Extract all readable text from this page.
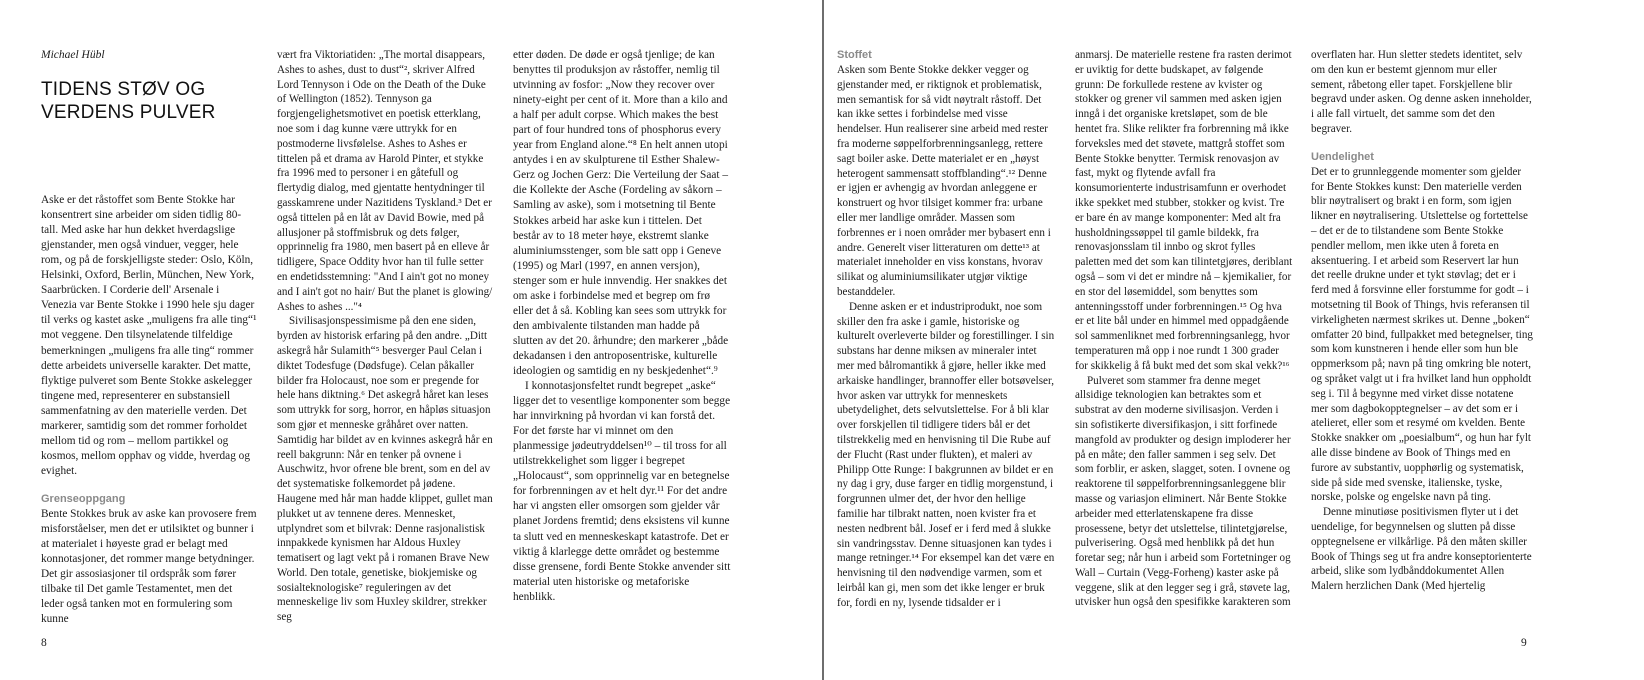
Michael Hübl

TIDENS STØV OG

VERDENS PULVER

Aske er det råstoffet som Bente Stokke har konsentrert sine arbeider om siden tidlig 80-tall. Med aske har hun dekket hverdagslige gjenstander, men også vinduer, vegger, hele rom, og på de forskjelligste steder: Oslo, Köln, Helsinki, Oxford, Berlin, München, New York, Saarbrücken. I Corderie dell' Arsenale i Venezia var Bente Stokke i 1990 hele sju dager til verks og kastet aske „muligens fra alle ting“¹ mot veggene. Den tilsynelatende tilfeldige bemerkningen „muligens fra alle ting“ rommer dette arbeidets universelle karakter. Det matte, flyktige pulveret som Bente Stokke askelegger tingene med, representerer en substansiell sammenfatning av den materielle verden. Det markerer, samtidig som det rommer forholdet mellom tid og rom – mellom partikkel og kosmos, mellom opphav og vidde, hverdag og evighet.

Grenseoppgang

Bente Stokkes bruk av aske kan provosere frem misforståelser, men det er utilsiktet og bunner i at materialet i høyeste grad er belagt med konnotasjoner, det rommer mange betydninger. Det gir assosiasjoner til ordspråk som fører tilbake til Det gamle Testamentet, men det leder også tanken mot en formulering som kunne

vært fra Viktoriatiden: „The mortal disappears, Ashes to ashes, dust to dust“², skriver Alfred Lord Tennyson i Ode on the Death of the Duke of Wellington (1852). Tennyson ga forgjengelighetsmotivet en poetisk etterklang, noe som i dag kunne være uttrykk for en postmoderne livsfølelse. Ashes to Ashes er tittelen på et drama av Harold Pinter, et stykke fra 1996 med to personer i en gåtefull og flertydig dialog, med gjentatte hentydninger til gasskamrene under Nazitidens Tyskland.³ Det er også tittelen på en låt av David Bowie, med på allusjoner på stoffmisbruk og dets følger, opprinnelig fra 1980, men basert på en elleve år tidligere, Space Oddity hvor han til fulle setter en endetidsstemning: "And I ain't got no money and I ain't got no hair/ But the planet is glowing/ Ashes to ashes ..."⁴

Sivilisasjonspessimisme på den ene siden, byrden av historisk erfaring på den andre. „Ditt askegrå hår Sulamith“⁵ besverger Paul Celan i diktet Todesfuge (Dødsfuge). Celan påkaller bilder fra Holocaust, noe som er pregende for hele hans diktning.⁶ Det askegrå håret kan leses som uttrykk for sorg, horror, en håpløs situasjon som gjør et menneske gråhåret over natten. Samtidig har bildet av en kvinnes askegrå hår en reell bakgrunn: Når en tenker på ovnene i Auschwitz, hvor ofrene ble brent, som en del av det systematiske folkemordet på jødene. Haugene med hår man hadde klippet, gullet man plukket ut av tennene deres. Mennesket, utplyndret som et bilvrak: Denne rasjonalistisk innpakkede kynismen har Aldous Huxley tematisert og lagt vekt på i romanen Brave New World. Den totale, genetiske, biokjemiske og sosialteknologiske⁷ reguleringen av det menneskelige liv som Huxley skildrer, strekker seg

etter døden. De døde er også tjenlige; de kan benyttes til produksjon av råstoffer, nemlig til utvinning av fosfor: „Now they recover over ninety-eight per cent of it. More than a kilo and a half per adult corpse. Which makes the best part of four hundred tons of phosphorus every year from England alone.“⁸ En helt annen utopi antydes i en av skulpturene til Esther Shalew-Gerz og Jochen Gerz: Die Verteilung der Saat – die Kollekte der Asche (Fordeling av såkorn – Samling av aske), som i motsetning til Bente Stokkes arbeid har aske kun i tittelen. Det består av to 18 meter høye, ekstremt slanke aluminiumsstenger, som ble satt opp i Geneve (1995) og Marl (1997, en annen versjon), stenger som er hule innvendig. Her snakkes det om aske i forbindelse med et begrep om frø eller det å så. Kobling kan sees som uttrykk for den ambivalente tilstanden man hadde på slutten av det 20. århundre; den markerer „både dekadansen i den antroposentriske, kulturelle ideologien og samtidig en ny beskjedenhet“.⁹

I konnotasjonsfeltet rundt begrepet „aske“ ligger det to vesentlige komponenter som begge har innvirkning på hvordan vi kan forstå det. For det første har vi minnet om den planmessige jødeutryddelsen¹⁰ – til tross for all utilstrekkelighet som ligger i begrepet „Holocaust“, som opprinnelig var en betegnelse for forbrenningen av et helt dyr.¹¹ For det andre har vi angsten eller omsorgen som gjelder vår planet Jordens fremtid; dens eksistens vil kunne ta slutt ved en menneskeskapt katastrofe. Det er viktig å klarlegge dette området og bestemme disse grensene, fordi Bente Stokke anvender sitt material uten historiske og metaforiske henblikk.

8

Stoffet

Asken som Bente Stokke dekker vegger og gjenstander med, er riktignok et problematisk, men semantisk for så vidt nøytralt råstoff. Det kan ikke settes i forbindelse med visse hendelser. Hun realiserer sine arbeid med rester fra moderne søppelforbrenningsanlegg, rettere sagt boiler aske. Dette materialet er en „høyst heterogent sammensatt stoffblanding“.¹² Denne er igjen er avhengig av hvordan anleggene er konstruert og hvor tilsiget kommer fra: urbane eller mer landlige områder. Massen som forbrennes er i noen områder mer bybasert enn i andre. Generelt viser litteraturen om dette¹³ at materialet inneholder en viss konstans, hvorav silikat og aluminiumsilikater utgjør viktige bestanddeler.

Denne asken er et industriprodukt, noe som skiller den fra aske i gamle, historiske og kulturelt overleverte bilder og forestillinger. I sin substans har denne miksen av mineraler intet mer med bålromantikk å gjøre, heller ikke med arkaiske handlinger, brannoffer eller botsøvelser, hvor asken var uttrykk for menneskets ubetydelighet, dets selvutslettelse. For å bli klar over forskjellen til tidligere tiders bål er det tilstrekkelig med en henvisning til Die Rube auf der Flucht (Rast under flukten), et maleri av Philipp Otte Runge: I bakgrunnen av bildet er en ny dag i gry, duse farger en tidlig morgenstund, i forgrunnen ulmer det, der hvor den hellige familie har tilbrakt natten, noen kvister fra et nesten nedbrent bål. Josef er i ferd med å slukke sin vandringsstav. Denne situasjonen kan tydes i mange retninger.¹⁴ For eksempel kan det være en henvisning til den nødvendige varmen, som et leirbål kan gi, men som det ikke lenger er bruk for, fordi en ny, lysende tidsalder er i

anmarsj. De materielle restene fra rasten derimot er uviktig for dette budskapet, av følgende grunn: De forkullede restene av kvister og stokker og grener vil sammen med asken igjen inngå i det organiske kretsløpet, som de ble hentet fra. Slike relikter fra forbrenning må ikke forveksles med det støvete, mattgrå stoffet som Bente Stokke benytter. Termisk renovasjon av fast, mykt og flytende avfall fra konsumorienterte industrisamfunn er overhodet ikke spekket med stubber, stokker og kvist. Tre er bare én av mange komponenter: Med alt fra husholdningssøppel til gamle bildekk, fra renovasjonsslam til innbo og skrot fylles paletten med det som kan tilintetgjøres, deriblant også – som vi det er mindre nå – kjemikalier, for en stor del løsemiddel, som benyttes som antenningsstoff under forbrenningen.¹⁵ Og hva er et lite bål under en himmel med oppadgående sol sammenliknet med forbrenningsanlegg, hvor temperaturen må opp i noe rundt 1 300 grader for skikkelig å få bukt med det som skal vekk?¹⁶

Pulveret som stammer fra denne meget allsidige teknologien kan betraktes som et substrat av den moderne sivilisasjon. Verden i sin sofistikerte diversifikasjon, i sitt forfinede mangfold av produkter og design imploderer her på en måte; den faller sammen i seg selv. Det som forblir, er asken, slagget, soten. I ovnene og reaktorene til søppelforbrenningsanleggene blir masse og variasjon eliminert. Når Bente Stokke arbeider med etterlatenskapene fra disse prosessene, betyr det utslettelse, tilintetgjørelse, pulverisering. Også med henblikk på det hun foretar seg; når hun i arbeid som Fortetninger og Wall – Curtain (Vegg-Forheng) kaster aske på veggene, slik at den legger seg i grå, støvete lag, utvisker hun også den spesifikke karakteren som

overflaten har. Hun sletter stedets identitet, selv om den kun er bestemt gjennom mur eller sement, råbetong eller tapet. Forskjellene blir begravd under asken. Og denne asken inneholder, i alle fall virtuelt, det samme som det den begraver.

Uendelighet

Det er to grunnleggende momenter som gjelder for Bente Stokkes kunst: Den materielle verden blir nøytralisert og brakt i en form, som igjen likner en nøytralisering. Utslettelse og fortettelse – det er de to tilstandene som Bente Stokke pendler mellom, men ikke uten å foreta en aksentuering. I et arbeid som Reservert lar hun det reelle drukne under et tykt støvlag; det er i ferd med å forsvinne eller forstumme for godt – i motsetning til Book of Things, hvis referansen til virkeligheten nærmest skrikes ut. Denne „boken“ omfatter 20 bind, fullpakket med betegnelser, ting som kom kunstneren i hende eller som hun ble oppmerksom på; navn på ting omkring ble notert, og språket valgt ut i fra hvilket land hun oppholdt seg i. Til å begynne med virket disse notatene mer som dagbokopptegnelser – av det som er i atelieret, eller som et resymé om kvelden. Bente Stokke snakker om „poesialbum“, og hun har fylt alle disse bindene av Book of Things med en furore av substantiv, uopphørlig og systematisk, side på side med svenske, italienske, tyske, norske, polske og engelske navn på ting.

Denne minutiøse positivismen flyter ut i det uendelige, for begynnelsen og slutten på disse opptegnelsene er vilkårlige. På den måten skiller Book of Things seg ut fra andre konseptorienterte arbeid, slike som lydbånddokumentet Allen Malern herzlichen Dank (Med hjertelig

9
